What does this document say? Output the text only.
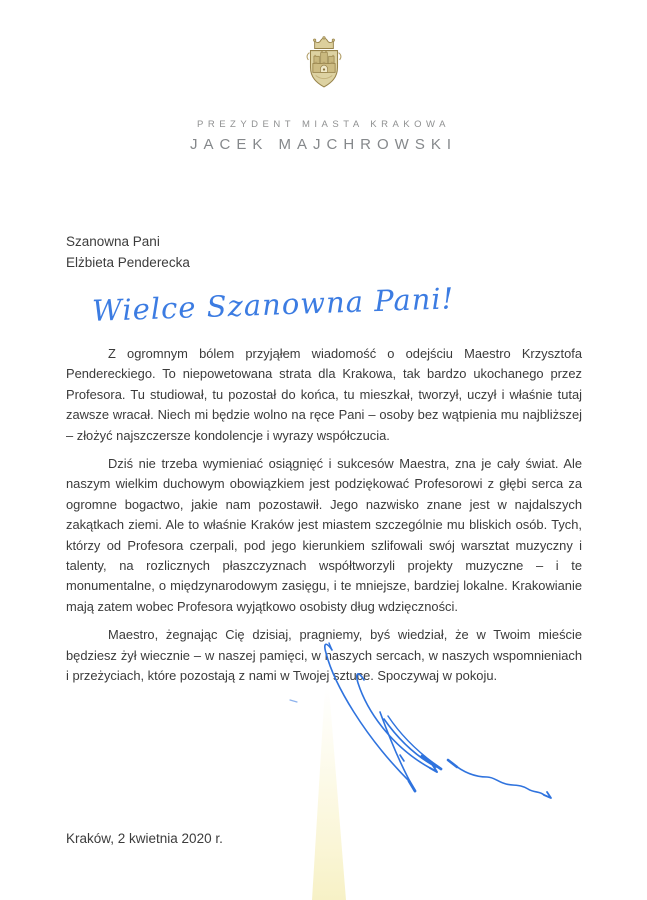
PREZYDENT MIASTA KRAKOWA
JACEK MAJCHROWSKI
Szanowna Pani
Elżbieta Penderecka
Wielce Szanowna Pani!

Z ogromnym bólem przyjąłem wiadomość o odejściu Maestro Krzysztofa Pendereckiego. To niepowetowana strata dla Krakowa, tak bardzo ukochanego przez Profesora. Tu studiował, tu pozostał do końca, tu mieszkał, tworzył, uczył i właśnie tutaj zawsze wracał. Niech mi będzie wolno na ręce Pani – osoby bez wątpienia mu najbliższej – złożyć najszczersze kondolencje i wyrazy współczucia.

Dziś nie trzeba wymieniać osiągnięć i sukcesów Maestra, zna je cały świat. Ale naszym wielkim duchowym obowiązkiem jest podziękować Profesorowi z głębi serca za ogromne bogactwo, jakie nam pozostawił. Jego nazwisko znane jest w najdalszych zakątkach ziemi. Ale to właśnie Kraków jest miastem szczególnie mu bliskich osób. Tych, którzy od Profesora czerpali, pod jego kierunkiem szlifowali swój warsztat muzyczny i talenty, na rozlicznych płaszczyznach współtworzyli projekty muzyczne – i te monumentalne, o międzynarodowym zasięgu, i te mniejsze, bardziej lokalne. Krakowianie mają zatem wobec Profesora wyjątkowo osobisty dług wdzięczności.

Maestro, żegnając Cię dzisiaj, pragniemy, byś wiedział, że w Twoim mieście będziesz żył wiecznie – w naszej pamięci, w naszych sercach, w naszych wspomnieniach i przeżyciach, które pozostają z nami w Twojej sztuce. Spoczywaj w pokoju.

Kraków, 2 kwietnia 2020 r.
